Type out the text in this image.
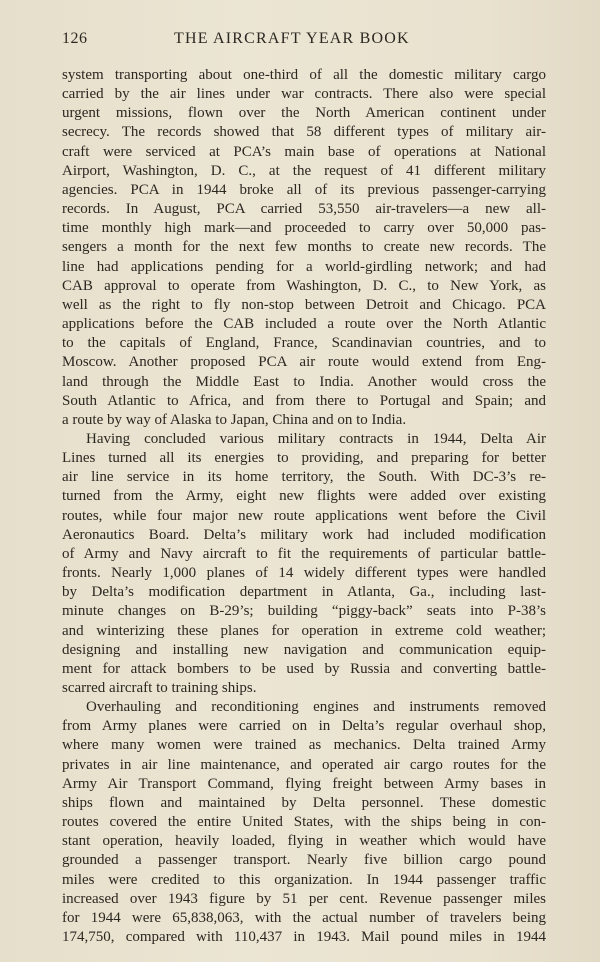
126	THE AIRCRAFT YEAR BOOK

system transporting about one-third of all the domestic military cargo
carried by the air lines under war contracts. There also were special
urgent missions, flown over the North American continent under
secrecy. The records showed that 58 different types of military air-
craft were serviced at PCA’s main base of operations at National
Airport, Washington, D. C., at the request of 41 different military
agencies. PCA in 1944 broke all of its previous passenger-carrying
records. In August, PCA carried 53,550 air-travelers—a new all-
time monthly high mark—and proceeded to carry over 50,000 pas-
sengers a month for the next few months to create new records. The
line had applications pending for a world-girdling network; and had
CAB approval to operate from Washington, D. C., to New York, as
well as the right to fly non-stop between Detroit and Chicago. PCA
applications before the CAB included a route over the North Atlantic
to the capitals of England, France, Scandinavian countries, and to
Moscow. Another proposed PCA air route would extend from Eng-
land through the Middle East to India. Another would cross the
South Atlantic to Africa, and from there to Portugal and Spain; and
a route by way of Alaska to Japan, China and on to India.

Having concluded various military contracts in 1944, Delta Air
Lines turned all its energies to providing, and preparing for better
air line service in its home territory, the South. With DC-3’s re-
turned from the Army, eight new flights were added over existing
routes, while four major new route applications went before the Civil
Aeronautics Board. Delta’s military work had included modification
of Army and Navy aircraft to fit the requirements of particular battle-
fronts. Nearly 1,000 planes of 14 widely different types were handled
by Delta’s modification department in Atlanta, Ga., including last-
minute changes on B-29’s; building “piggy-back” seats into P-38’s
and winterizing these planes for operation in extreme cold weather;
designing and installing new navigation and communication equip-
ment for attack bombers to be used by Russia and converting battle-
scarred aircraft to training ships.

Overhauling and reconditioning engines and instruments removed
from Army planes were carried on in Delta’s regular overhaul shop,
where many women were trained as mechanics. Delta trained Army
privates in air line maintenance, and operated air cargo routes for the
Army Air Transport Command, flying freight between Army bases in
ships flown and maintained by Delta personnel. These domestic
routes covered the entire United States, with the ships being in con-
stant operation, heavily loaded, flying in weather which would have
grounded a passenger transport. Nearly five billion cargo pound
miles were credited to this organization. In 1944 passenger traffic
increased over 1943 figure by 51 per cent. Revenue passenger miles
for 1944 were 65,838,063, with the actual number of travelers being
174,750, compared with 110,437 in 1943. Mail pound miles in 1944
